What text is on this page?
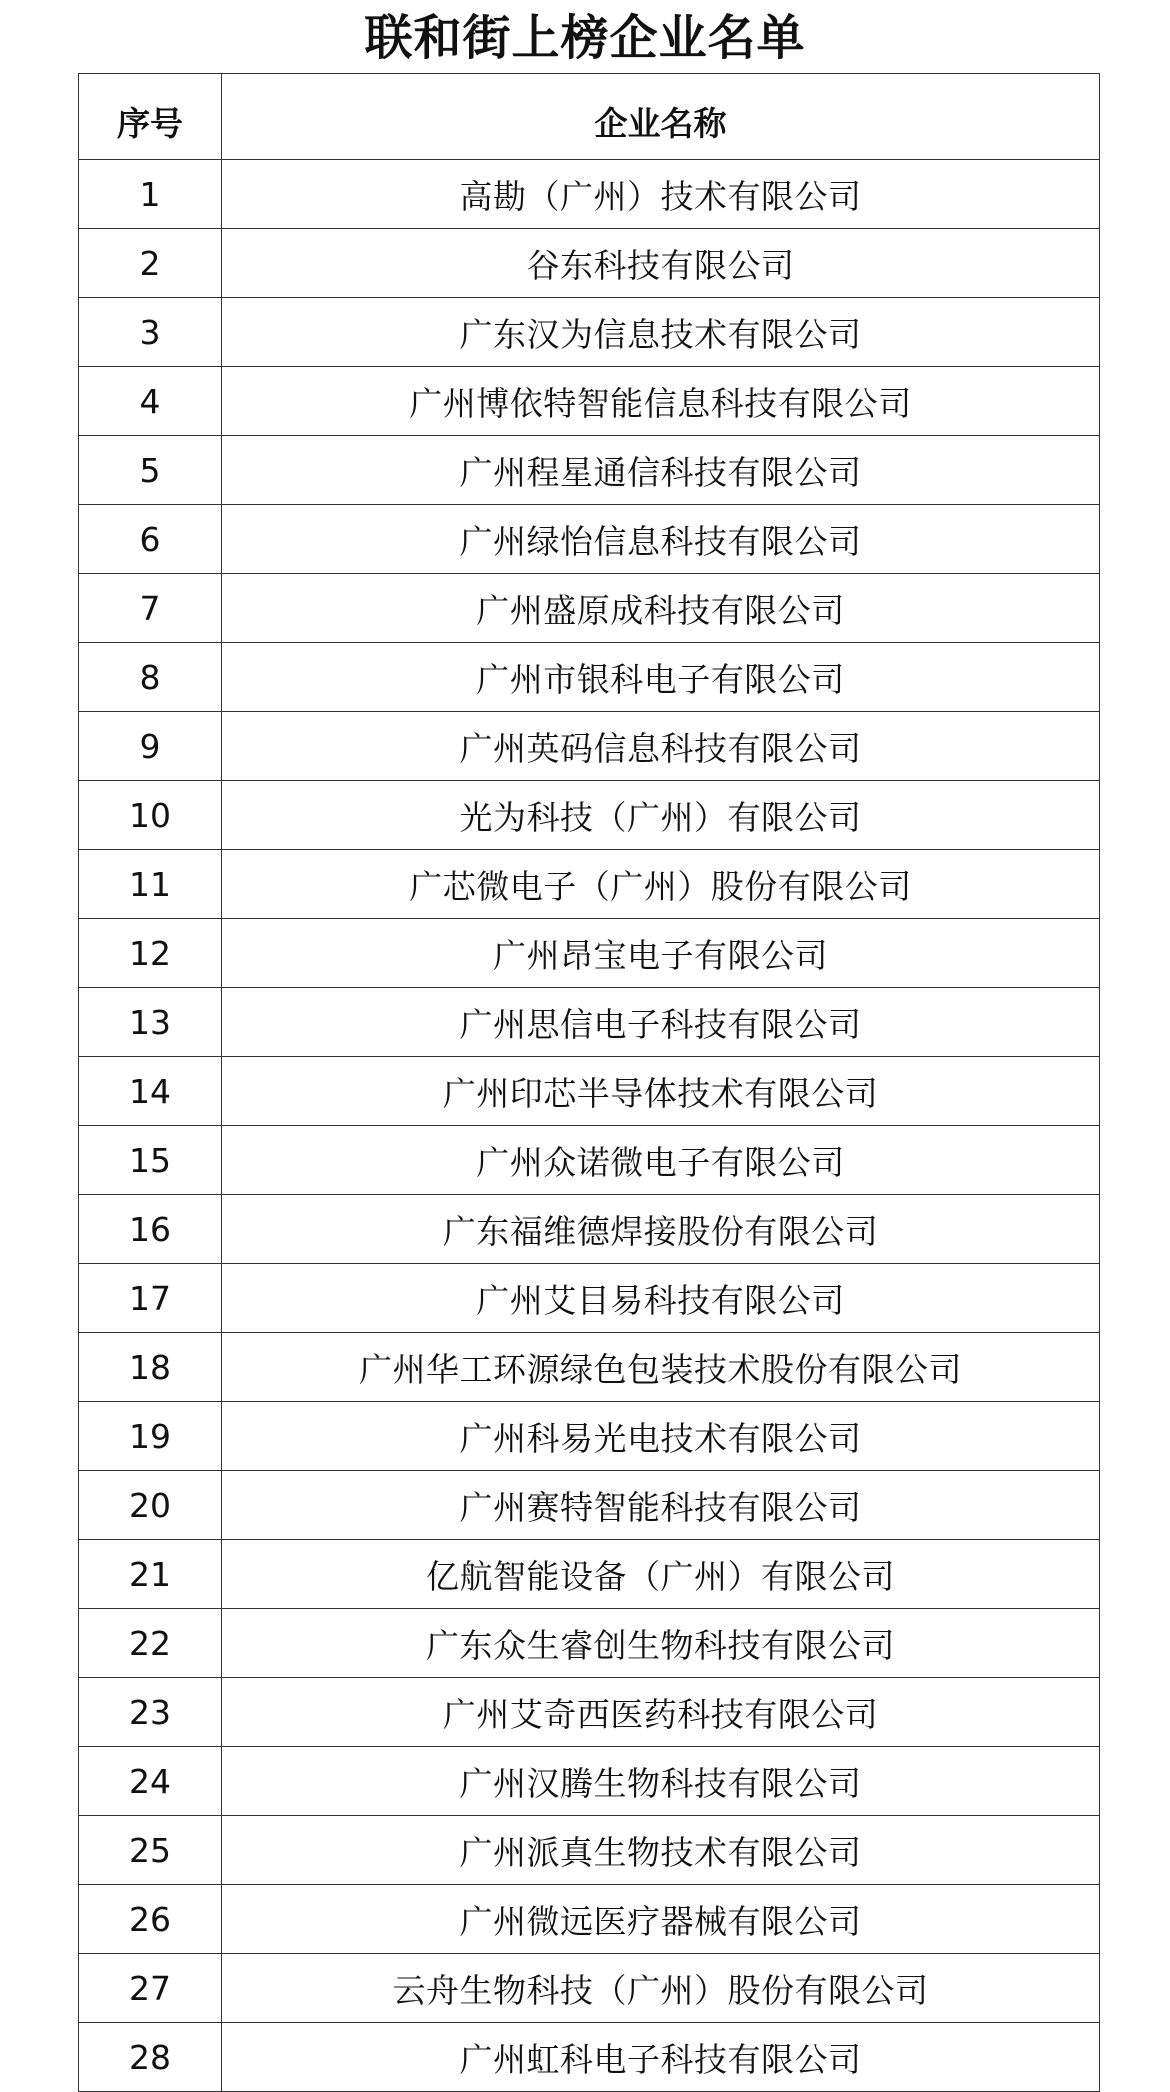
联和街上榜企业名单
序号	企业名称
1	高勘（广州）技术有限公司
2	谷东科技有限公司
3	广东汉为信息技术有限公司
4	广州博依特智能信息科技有限公司
5	广州程星通信科技有限公司
6	广州绿怡信息科技有限公司
7	广州盛原成科技有限公司
8	广州市银科电子有限公司
9	广州英码信息科技有限公司
10	光为科技（广州）有限公司
11	广芯微电子（广州）股份有限公司
12	广州昂宝电子有限公司
13	广州思信电子科技有限公司
14	广州印芯半导体技术有限公司
15	广州众诺微电子有限公司
16	广东福维德焊接股份有限公司
17	广州艾目易科技有限公司
18	广州华工环源绿色包装技术股份有限公司
19	广州科易光电技术有限公司
20	广州赛特智能科技有限公司
21	亿航智能设备（广州）有限公司
22	广东众生睿创生物科技有限公司
23	广州艾奇西医药科技有限公司
24	广州汉腾生物科技有限公司
25	广州派真生物技术有限公司
26	广州微远医疗器械有限公司
27	云舟生物科技（广州）股份有限公司
28	广州虹科电子科技有限公司
